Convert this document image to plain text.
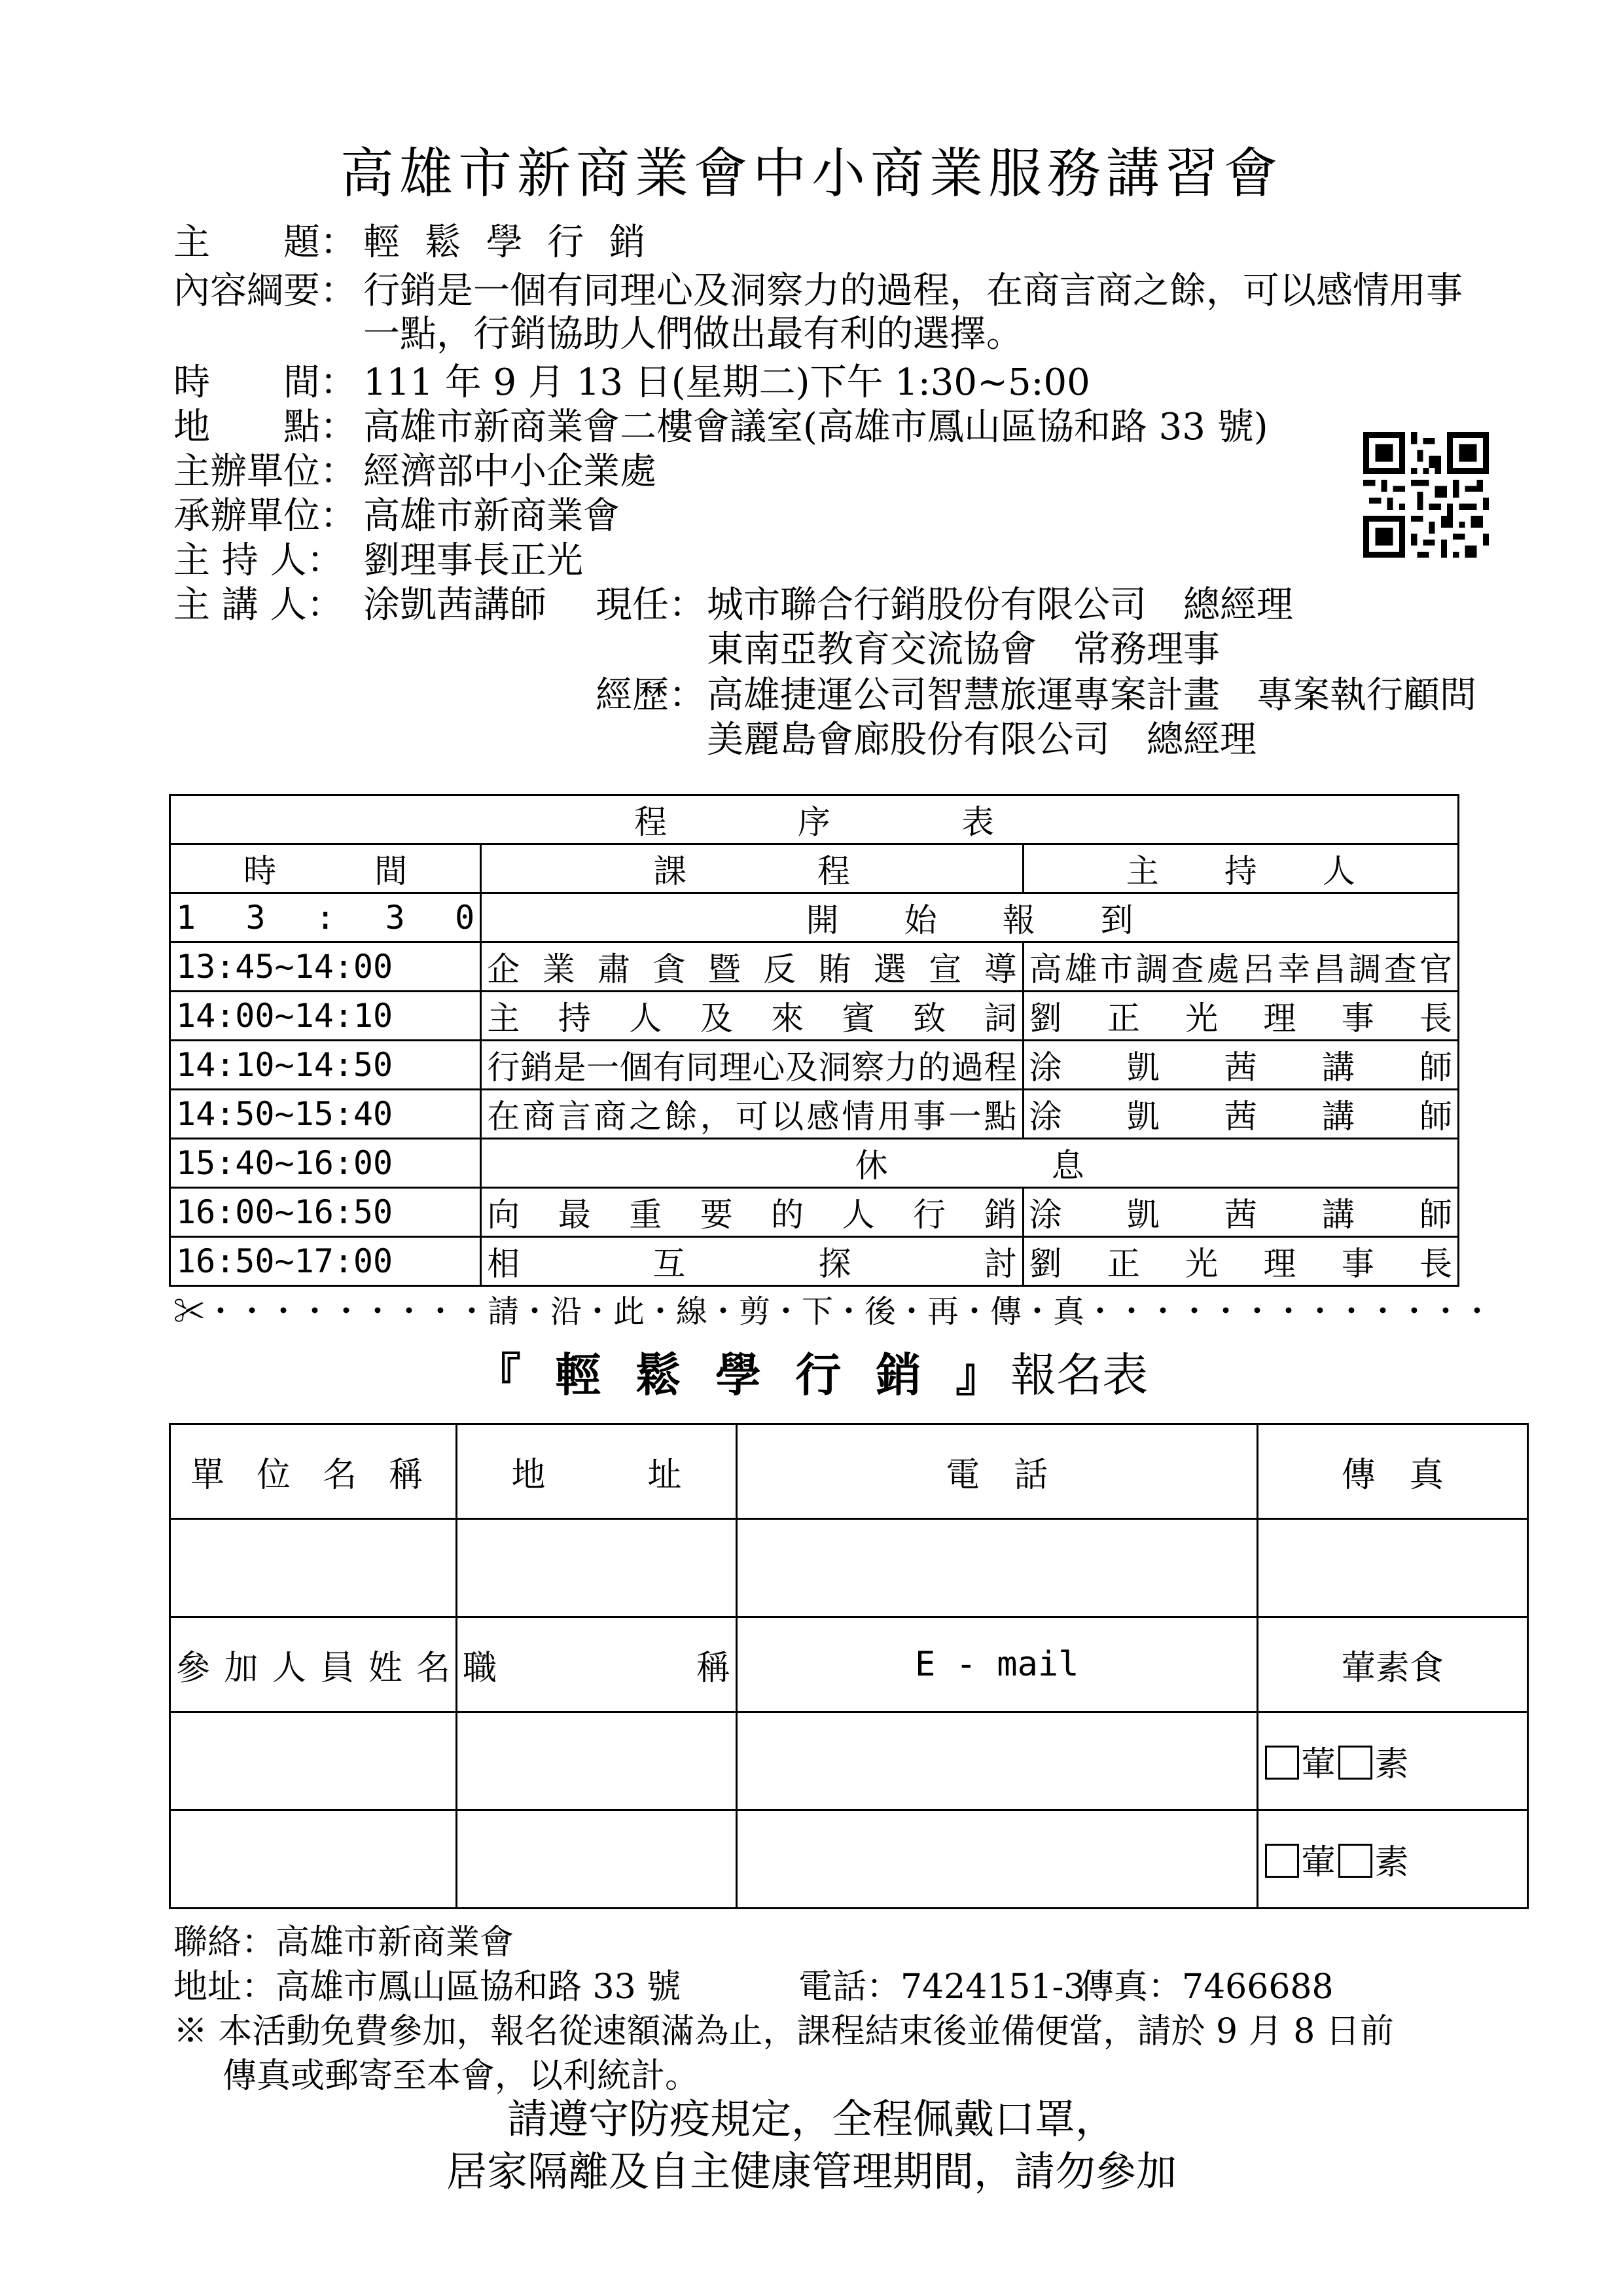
高雄市新商業會中小商業服務講習會
主　　題： 輕 鬆 學 行 銷
內容綱要： 行銷是一個有同理心及洞察力的過程，在商言商之餘，可以感情用事
一點，行銷協助人們做出最有利的選擇。
時　　間： 111 年 9 月 13 日(星期二)下午 1:30~5:00
地　　點： 高雄市新商業會二樓會議室(高雄市鳳山區協和路 33 號)
主辦單位： 經濟部中小企業處
承辦單位： 高雄市新商業會
主 持 人： 劉理事長正光
主 講 人： 涂凱茜講師 現任： 城市聯合行銷股份有限公司　總經理
東南亞教育交流協會　常務理事
經歷： 高雄捷運公司智慧旅運專案計畫　專案執行顧問
美麗島會廊股份有限公司　總經理
程　　　　序　　　　表		
時　　　間	課　　　　程	主　　持　　人
1 3 : 3 0	開　　始　　報　　到	
13:45~14:00	企業肅貪暨反賄選宣導	高雄市調查處呂幸昌調查官
14:00~14:10	主持人及來賓致詞	劉正光理事長
14:10~14:50	行銷是一個有同理心及洞察力的過程	涂凱茜講師
14:50~15:40	在商言商之餘，可以感情用事一點	涂凱茜講師
15:40~16:00	休　　　　　息	
16:00~16:50	向最重要的人行銷	涂凱茜講師
16:50~17:00	相互探討	劉正光理事長
✂・・・・・・・・・請・沿・此・線・剪・下・後・再・傳・真・・・・・・・・・・・・・
『 輕 鬆 學 行 銷 』報名表
單位名稱	地　　　址	電　話	傳　真

參加人員姓名	職 稱	E - mail	葷素食
			葷 素
			葷 素
聯絡：高雄市新商業會
地址：高雄市鳳山區協和路 33 號	電話：7424151-3
傳真：7466688
※ 本活動免費參加，報名從速額滿為止，課程結束後並備便當，請於 9 月 8 日前
傳真或郵寄至本會，以利統計。
請遵守防疫規定，全程佩戴口罩，
居家隔離及自主健康管理期間，請勿參加
